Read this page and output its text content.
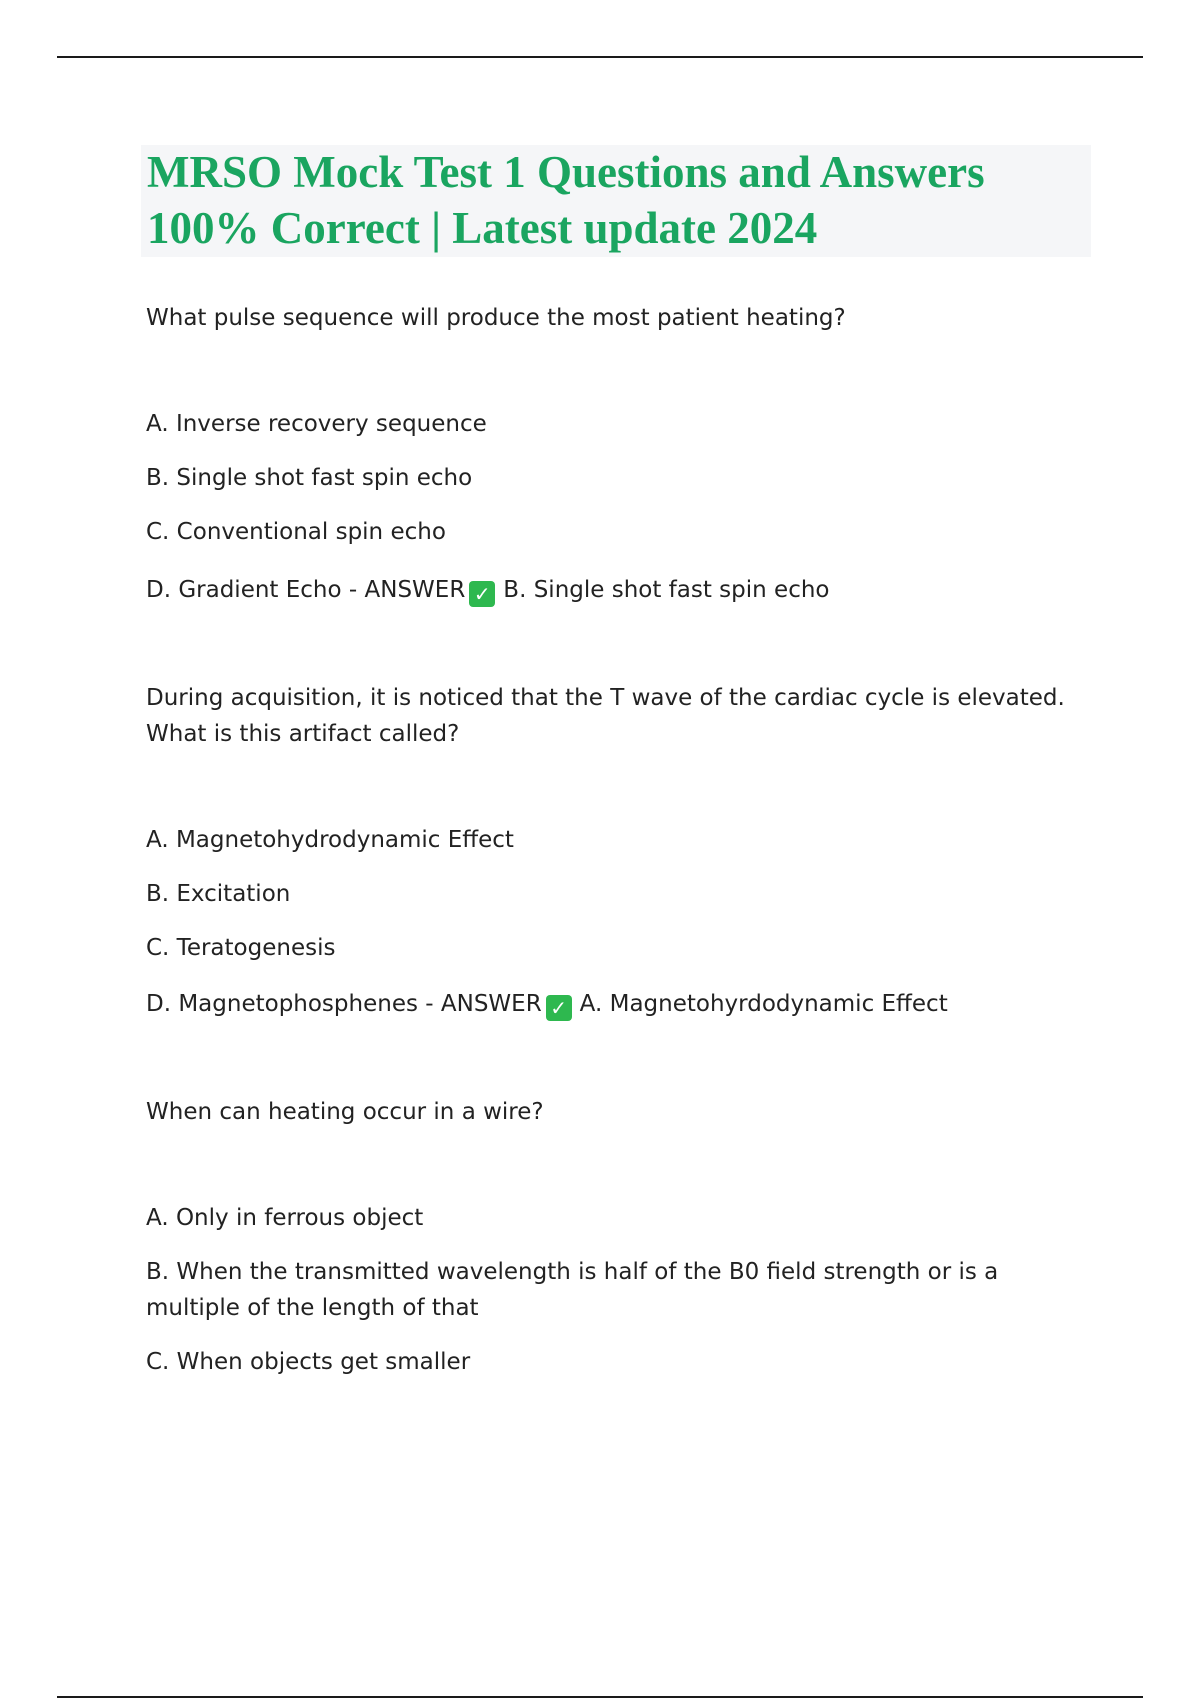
MRSO Mock Test 1 Questions and Answers
100% Correct | Latest update 2024

What pulse sequence will produce the most patient heating?

A. Inverse recovery sequence

B. Single shot fast spin echo

C. Conventional spin echo

D. Gradient Echo - ANSWER ✓ B. Single shot fast spin echo

During acquisition, it is noticed that the T wave of the cardiac cycle is elevated.

What is this artifact called?

A. Magnetohydrodynamic Effect

B. Excitation

C. Teratogenesis

D. Magnetophosphenes - ANSWER ✓ A. Magnetohyrdodynamic Effect

When can heating occur in a wire?

A. Only in ferrous object

B. When the transmitted wavelength is half of the B0 field strength or is a multiple of the length of that

C. When objects get smaller
